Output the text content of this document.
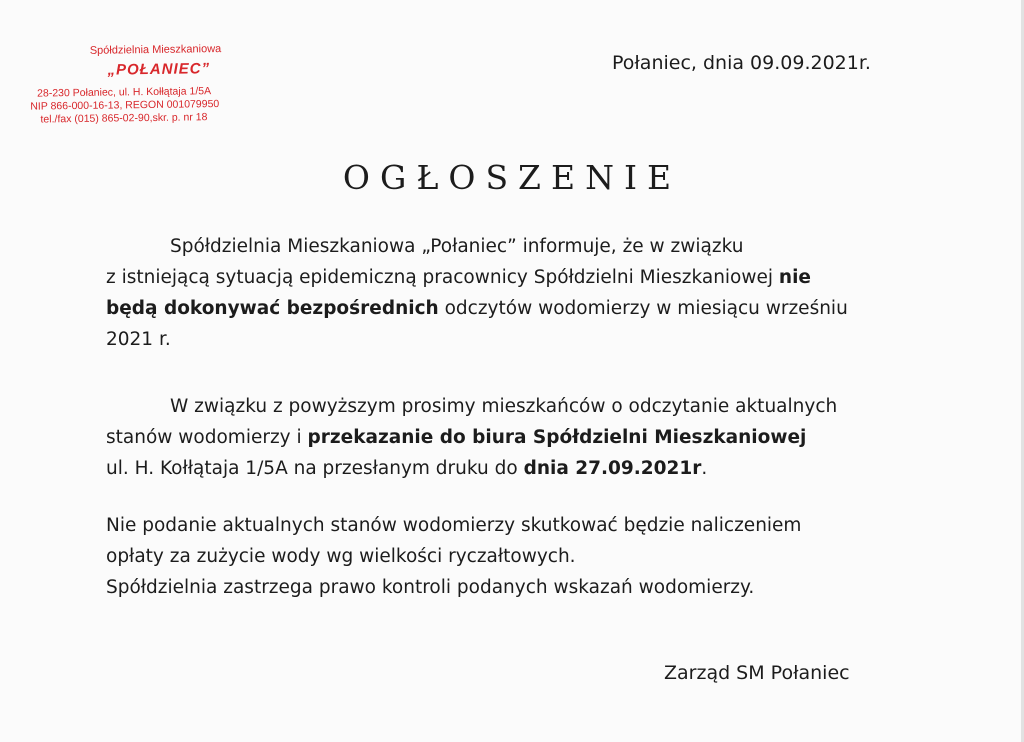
Spółdzielnia Mieszkaniowa
„POŁANIEC”
28-230 Połaniec, ul. H. Kołłątaja 1/5A
NIP 866-000-16-13, REGON 001079950
tel./fax (015) 865-02-90,skr. p. nr 18
Połaniec, dnia 09.09.2021r.
OGŁOSZENIE
Spółdzielnia Mieszkaniowa „Połaniec” informuje, że w związku
z istniejącą sytuacją epidemiczną pracownicy Spółdzielni Mieszkaniowej nie
będą dokonywać bezpośrednich odczytów wodomierzy w miesiącu wrześniu
2021 r.
W związku z powyższym prosimy mieszkańców o odczytanie aktualnych
stanów wodomierzy i przekazanie do biura Spółdzielni Mieszkaniowej
ul. H. Kołłątaja 1/5A na przesłanym druku do dnia 27.09.2021r.
Nie podanie aktualnych stanów wodomierzy skutkować będzie naliczeniem
opłaty za zużycie wody wg wielkości ryczałtowych.
Spółdzielnia zastrzega prawo kontroli podanych wskazań wodomierzy.
Zarząd SM Połaniec
